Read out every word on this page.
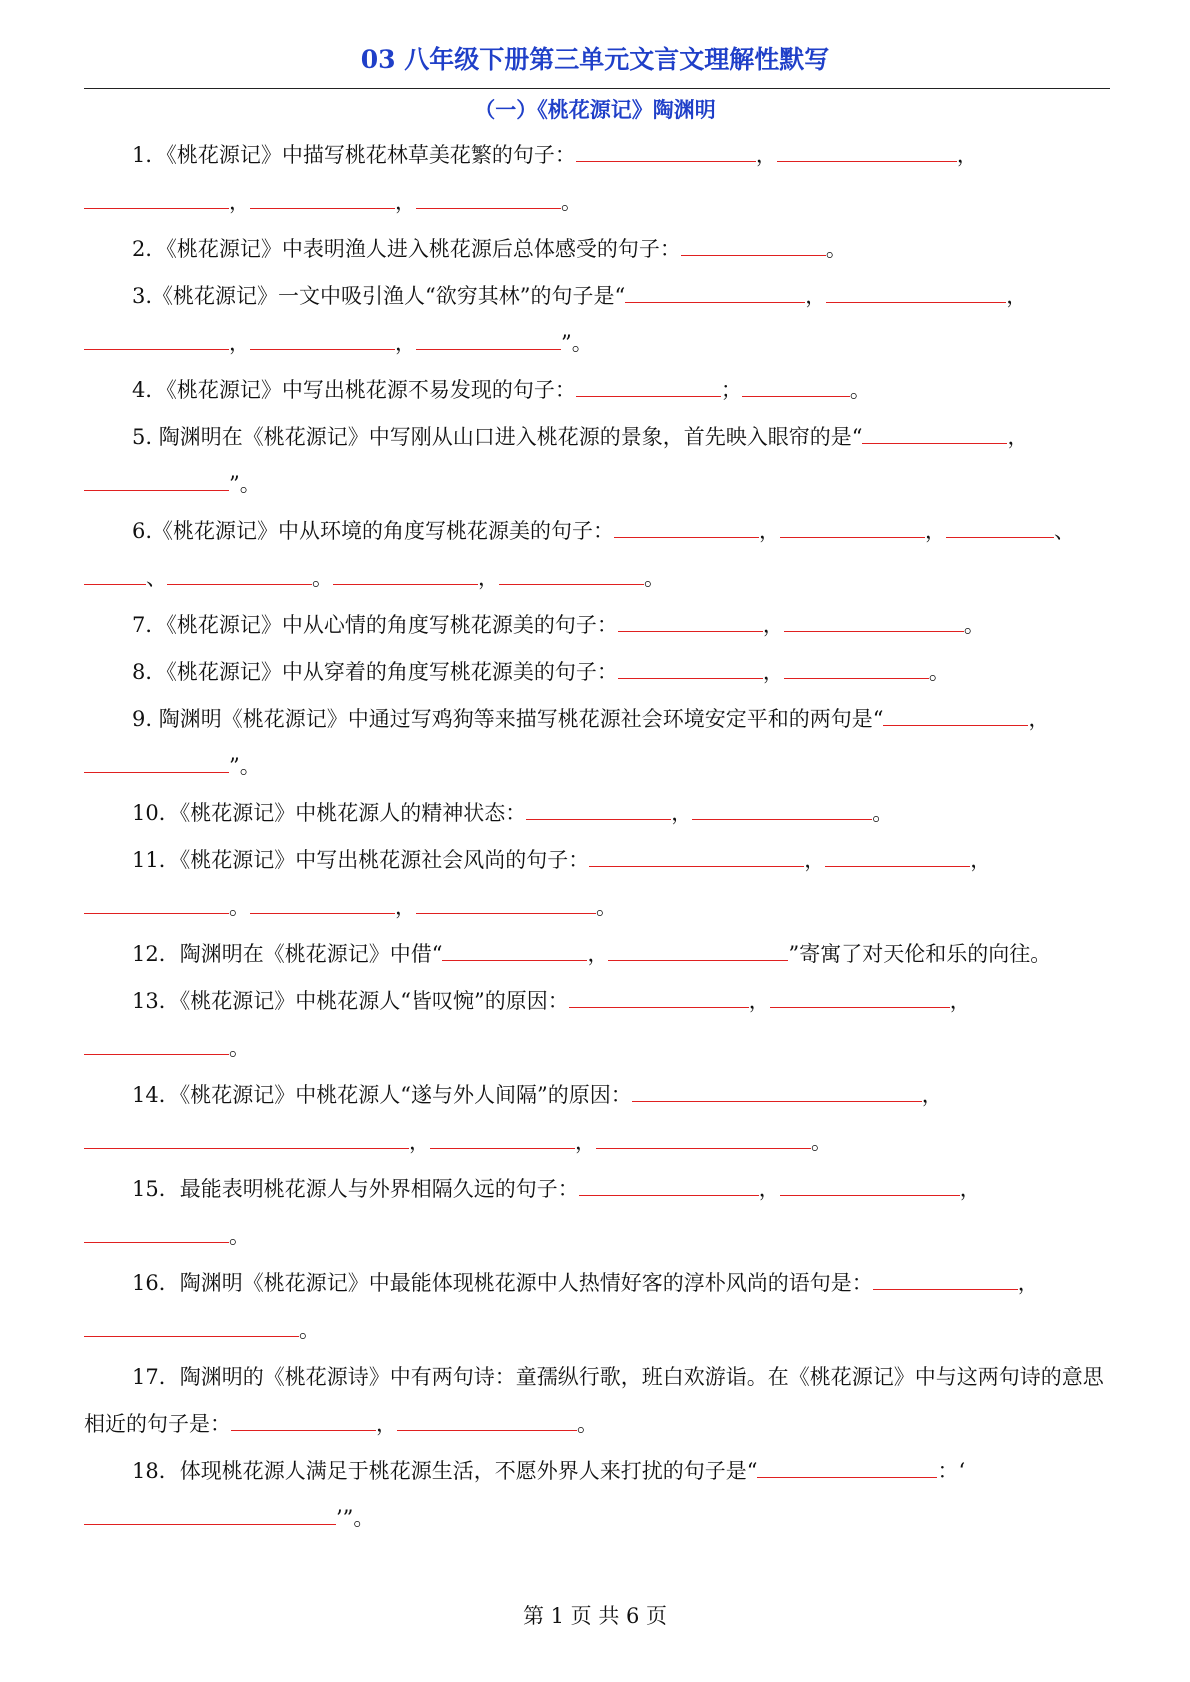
03 八年级下册第三单元文言文理解性默写
（一）《桃花源记》陶渊明

1．《桃花源记》中描写桃花林草美花繁的句子：	，	，，	，	。

2．《桃花源记》中表明渔人进入桃花源后总体感受的句子：	。

3.《桃花源记》一文中吸引渔人“欲穷其林”的句子是“	，	，，	，	”。

4．《桃花源记》中写出桃花源不易发现的句子：	；	。

5. 陶渊明在《桃花源记》中写刚从山口进入桃花源的景象，首先映入眼帘的是“	，”。

6.《桃花源记》中从环境的角度写桃花源美的句子：	，	，	、、	。	，	。

7．《桃花源记》中从心情的角度写桃花源美的句子：	，	。

8．《桃花源记》中从穿着的角度写桃花源美的句子：	，	。

9. 陶渊明《桃花源记》中通过写鸡狗等来描写桃花源社会环境安定平和的两句是“	，”。

10．《桃花源记》中桃花源人的精神状态：	，	。

11．《桃花源记》中写出桃花源社会风尚的句子：	，	，。	，	。

12．陶渊明在《桃花源记》中借“	，	”寄寓了对天伦和乐的向往。

13．《桃花源记》中桃花源人“皆叹惋”的原因：	，	，。

14．《桃花源记》中桃花源人“遂与外人间隔”的原因：	，，	，	。

15．最能表明桃花源人与外界相隔久远的句子：	，	，。

16．陶渊明《桃花源记》中最能体现桃花源中人热情好客的淳朴风尚的语句是：	，。

17．陶渊明的《桃花源诗》中有两句诗：童孺纵行歌，班白欢游诣。在《桃花源记》中与这两句诗的意思相近的句子是：	，	。

18．体现桃花源人满足于桃花源生活，不愿外界人来打扰的句子是“	：‘’”。

第 1 页 共 6 页
